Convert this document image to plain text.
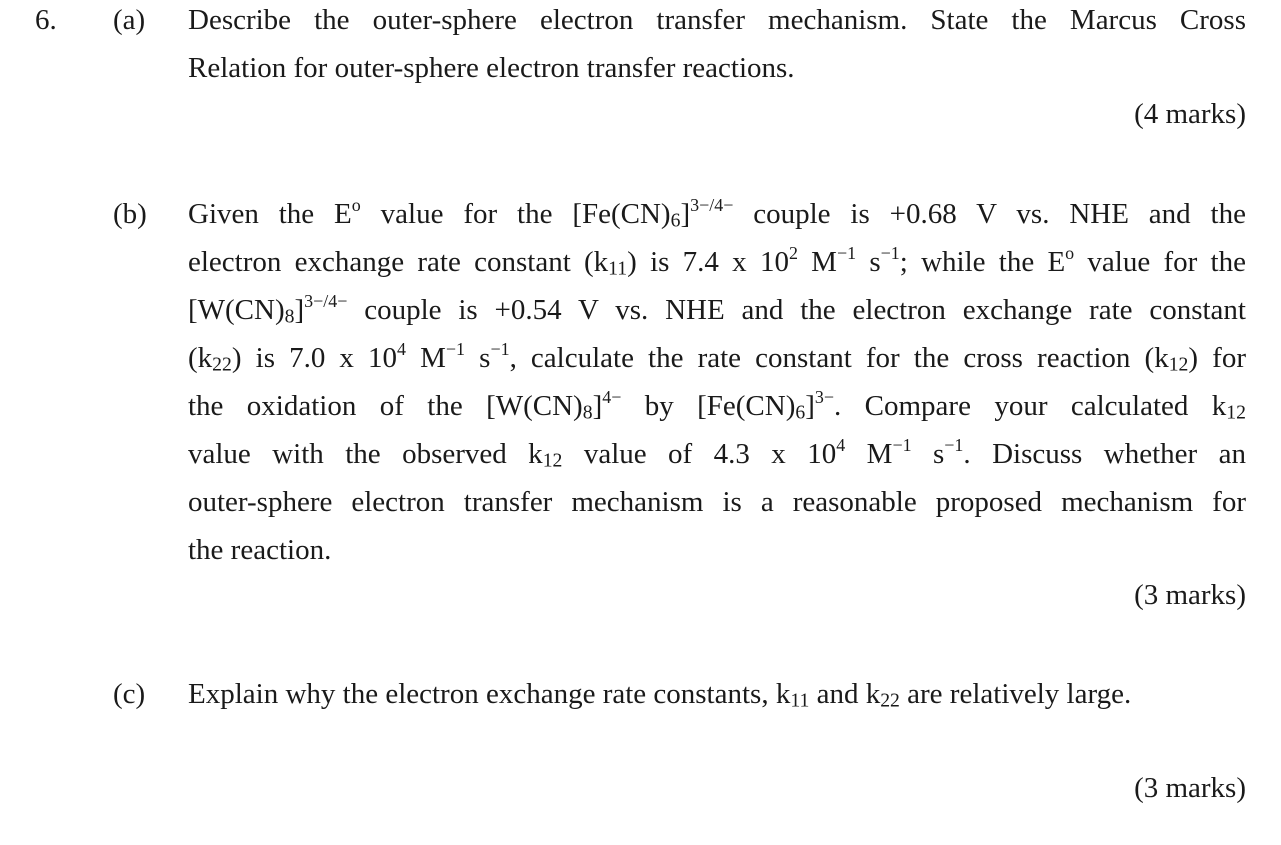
6. (a) Describe the outer-sphere electron transfer mechanism. State the Marcus Cross
Relation for outer-sphere electron transfer reactions.
(4 marks)
(b) Given the $E^o$ value for the $[Fe(CN)_6]^{3-/4-}$ couple is +0.68 V vs. NHE and the
electron exchange rate constant $(k_{11})$ is 7.4 x $10^2$ $M^{-1}$ $s^{-1}$; while the $E^o$ value for the
$[W(CN)_8]^{3-/4-}$ couple is +0.54 V vs. NHE and the electron exchange rate constant
$(k_{22})$ is 7.0 x $10^4$ $M^{-1}$ $s^{-1}$, calculate the rate constant for the cross reaction $(k_{12})$ for
the oxidation of the $[W(CN)_8]^{4-}$ by $[Fe(CN)_6]^{3-}$. Compare your calculated $k_{12}$
value with the observed $k_{12}$ value of 4.3 x $10^4$ $M^{-1}$ $s^{-1}$. Discuss whether an
outer-sphere electron transfer mechanism is a reasonable proposed mechanism for
the reaction.
(3 marks)
(c) Explain why the electron exchange rate constants, $k_{11}$ and $k_{22}$ are relatively large.
(3 marks)
